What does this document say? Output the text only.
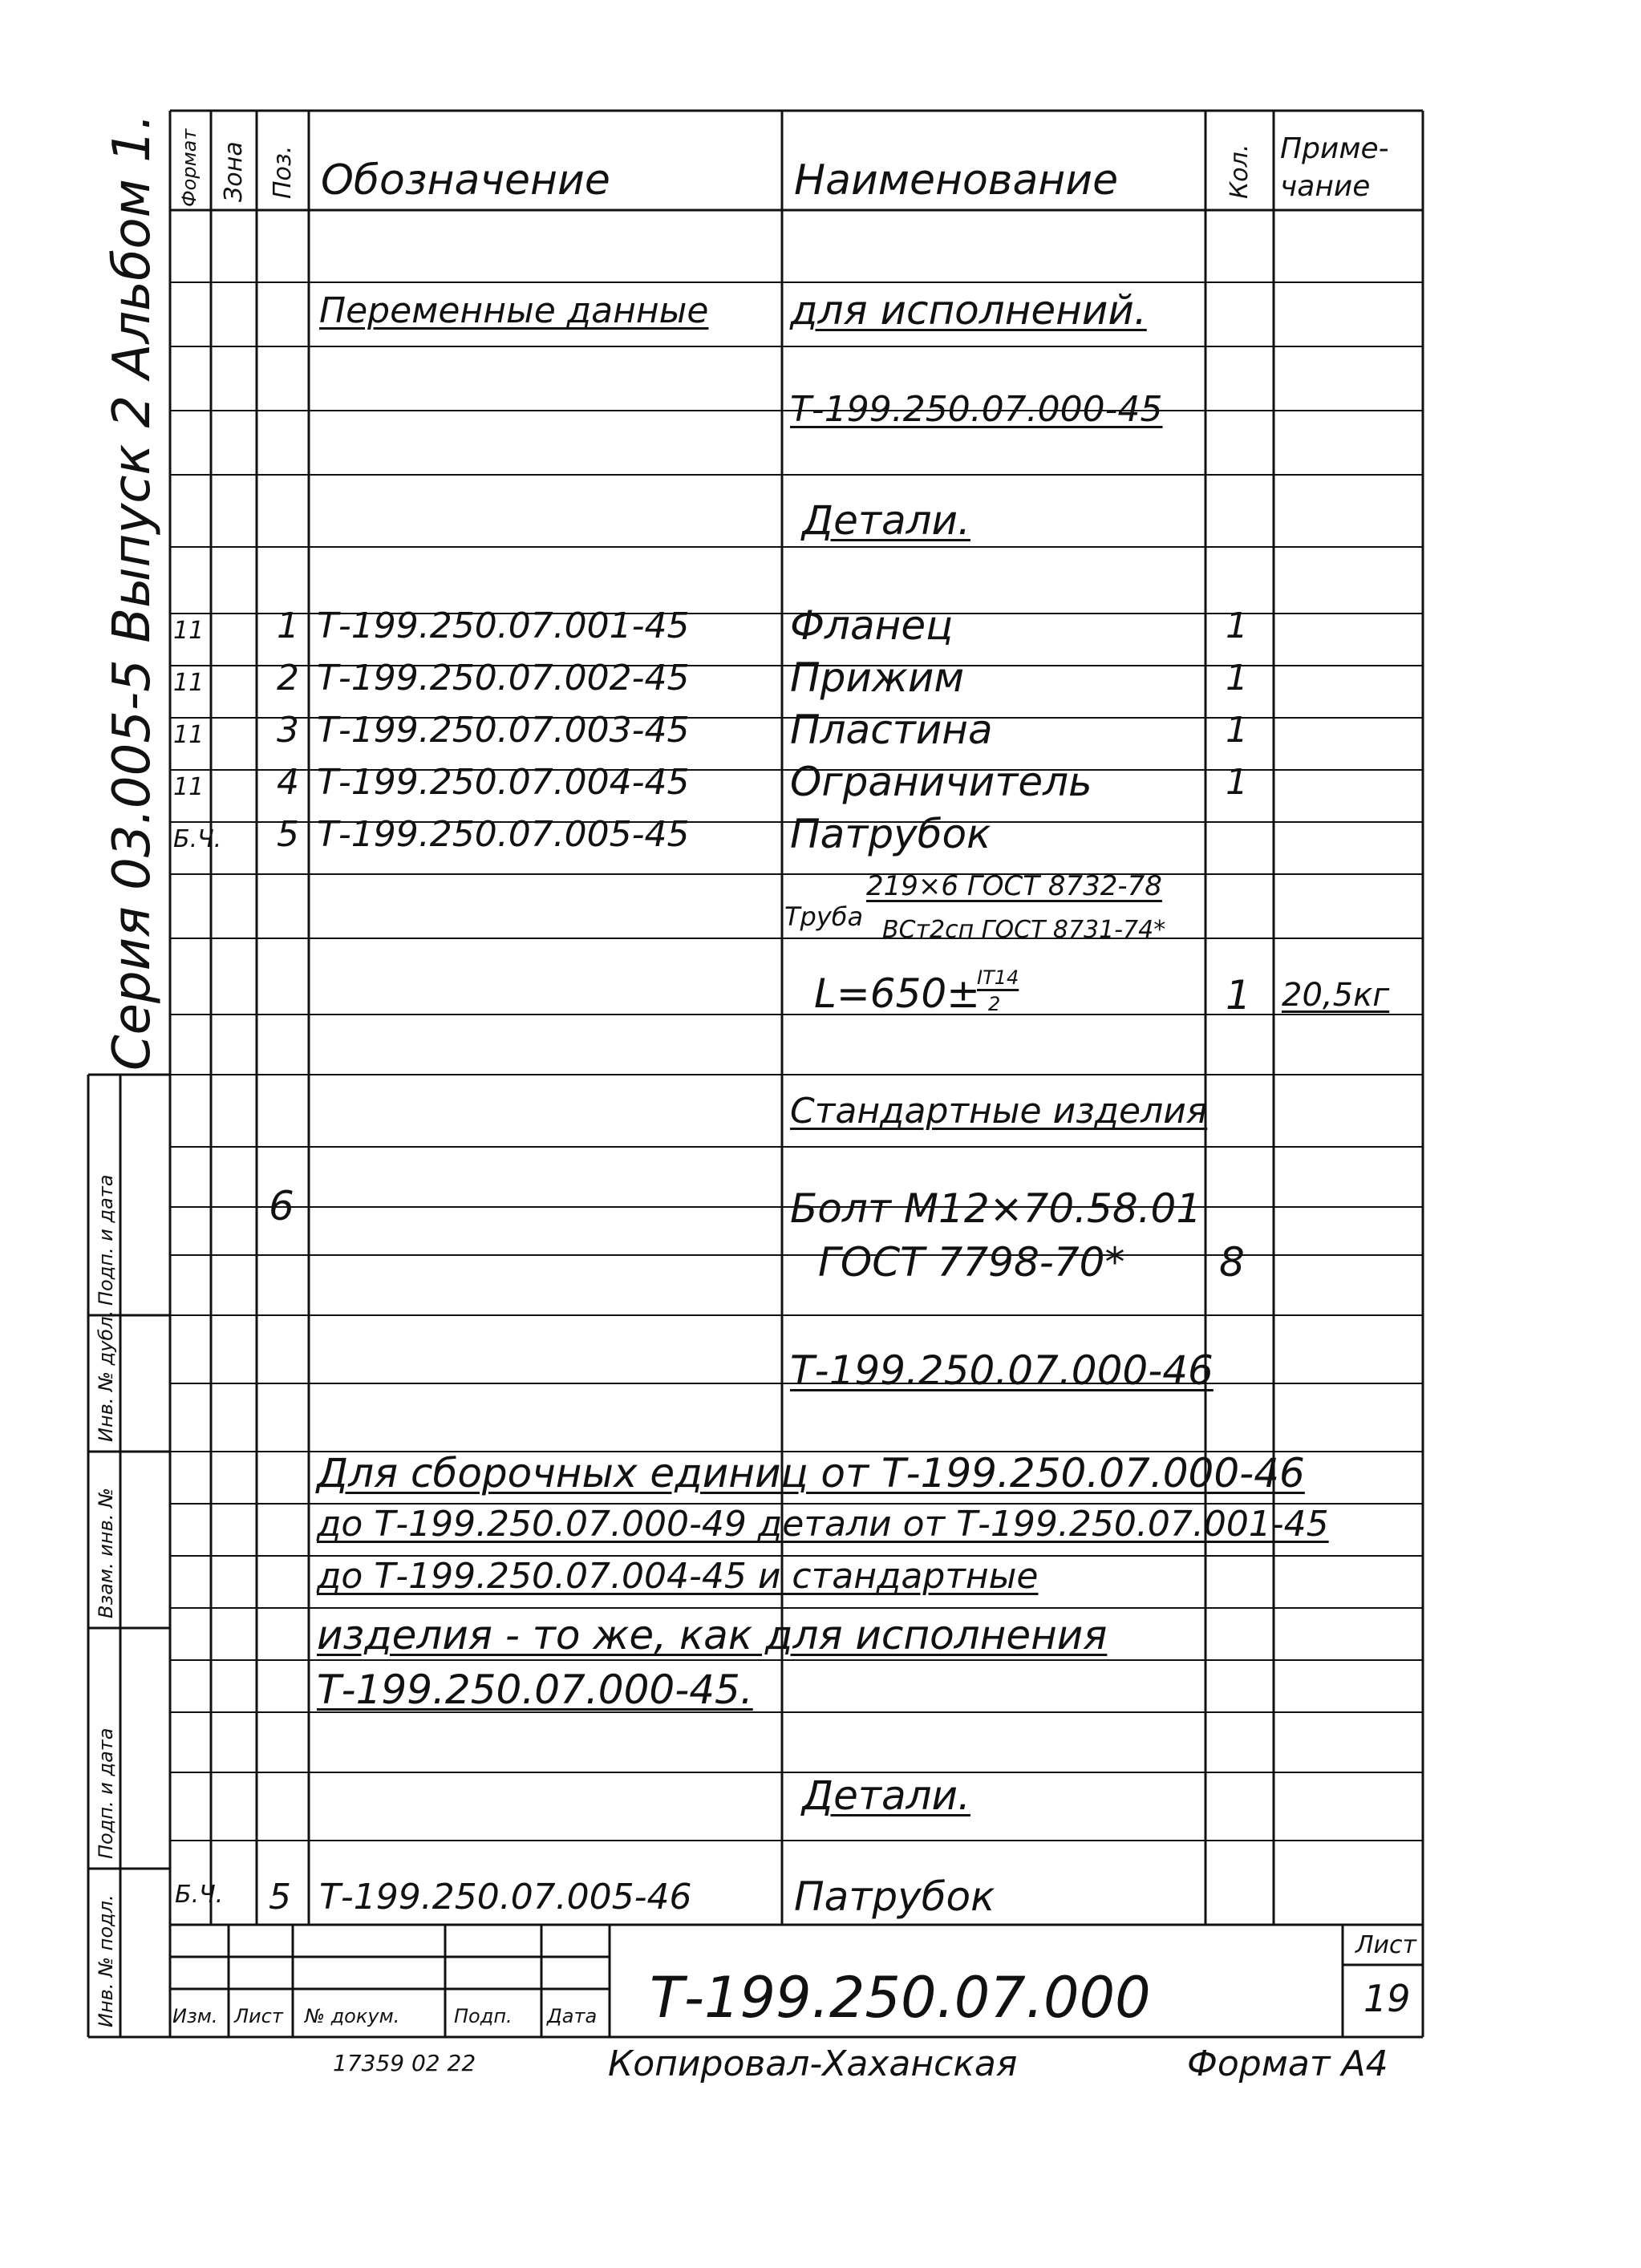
Серия 03.005-5 Выпуск 2 Альбом 1.
Инв. № подл.
Подп. и дата
Взам. инв. №
Инв. № дубл.
Подп. и дата
Формат Зона Поз. Обозначение	Наименование	Кол. Приме-
чание
Переменные данные для исполнений.
Т-199.250.07.000-45
Детали.
11 1 Т-199.250.07.001-45	Фланец	1
11 2 Т-199.250.07.002-45	Прижим	1
11 3 Т-199.250.07.003-45	Пластина	1
11 4 Т-199.250.07.004-45	Ограничитель	1
Б.Ч. 5 Т-199.250.07.005-45	Патрубок
Труба
219×6 ГОСТ 8732-78
ВСт2сп ГОСТ 8731-74*
L=650±
IT14
2	1 20,5кг
Стандартные изделия
6	Болт М12×70.58.01
ГОСТ 7798-70* 8
Т-199.250.07.000-46
Для сборочных единиц от Т-199.250.07.000-46
до Т-199.250.07.000-49 детали от Т-199.250.07.001-45
до Т-199.250.07.004-45 и стандартные
изделия - то же, как для исполнения
Т-199.250.07.000-45.
Детали.
Б.Ч. 5 Т-199.250.07.005-46	Патрубок
Изм. Лист № докум.	Подп. Дата Т-199.250.07.000
Лист
19
17359 02 22	Копировал-Хаханская	Формат А4
